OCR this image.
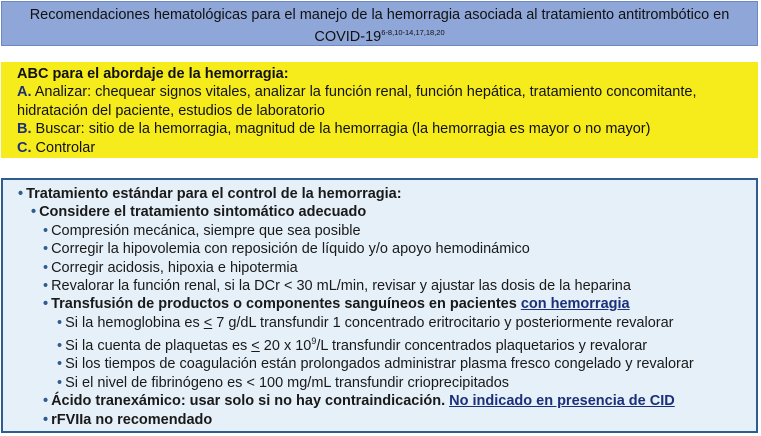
Recomendaciones hematológicas para el manejo de la hemorragia asociada al tratamiento antitrombótico en
COVID-19$^{6-8,10-14,17,18,20}$
ABC para el abordaje de la hemorragia:
A. Analizar: chequear signos vitales, analizar la función renal, función hepática, tratamiento concomitante,
hidratación del paciente, estudios de laboratorio
B. Buscar: sitio de la hemorragia, magnitud de la hemorragia (la hemorragia es mayor o no mayor)
C. Controlar
• Tratamiento estándar para el control de la hemorragia:
• Considere el tratamiento sintomático adecuado
• Compresión mecánica, siempre que sea posible
• Corregir la hipovolemia con reposición de líquido y/o apoyo hemodinámico
• Corregir acidosis, hipoxia e hipotermia
• Revalorar la función renal, si la DCr < 30 mL/min, revisar y ajustar las dosis de la heparina
• Transfusión de productos o componentes sanguíneos en pacientes con hemorragia
• Si la hemoglobina es < 7 g/dL transfundir 1 concentrado eritrocitario y posteriormente revalorar
• Si la cuenta de plaquetas es < 20 x $10^9/L$ transfundir concentrados plaquetarios y revalorar
• Si los tiempos de coagulación están prolongados administrar plasma fresco congelado y revalorar
• Si el nivel de fibrinógeno es < 100 mg/mL transfundir crioprecipitados
• Ácido tranexámico: usar solo si no hay contraindicación. No indicado en presencia de CID
• rFVIIa no recomendado
